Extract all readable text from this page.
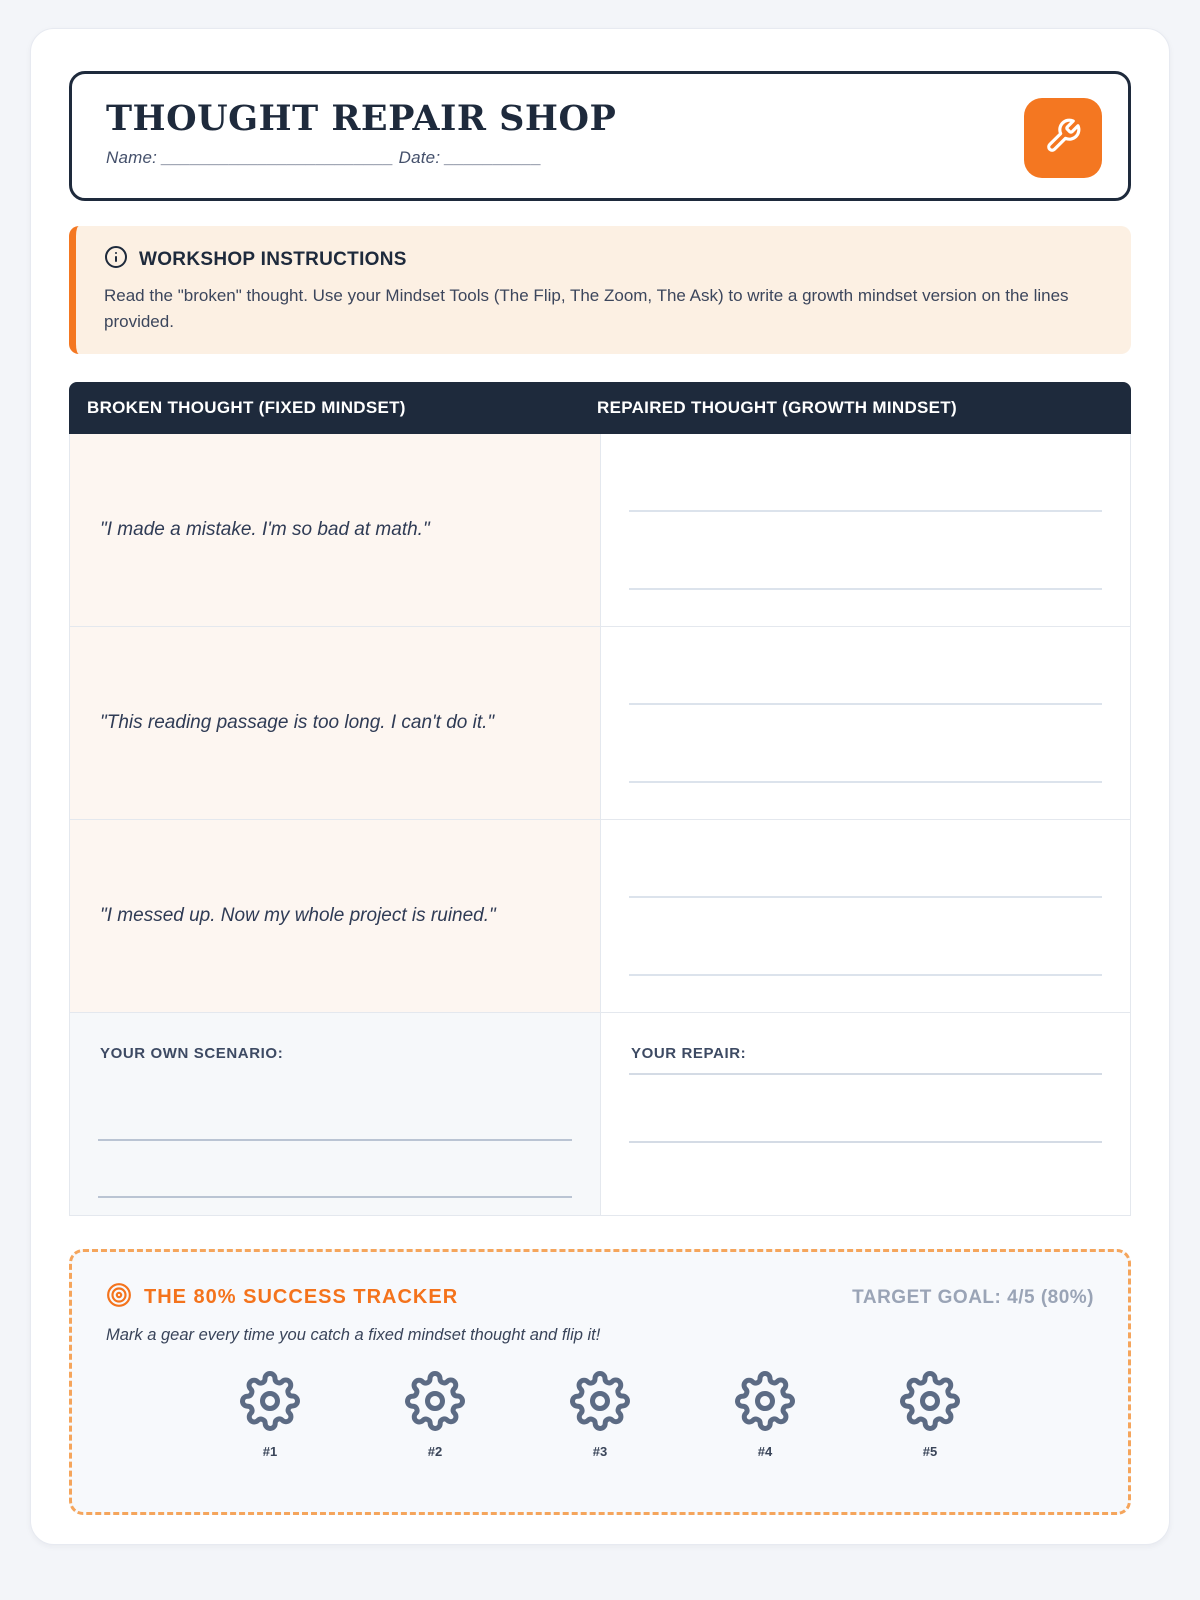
THOUGHT REPAIR SHOP
Name: ________________________ Date: __________
WORKSHOP INSTRUCTIONS
Read the "broken" thought. Use your Mindset Tools (The Flip, The Zoom, The Ask) to write a growth mindset version on the lines provided.
BROKEN THOUGHT (FIXED MINDSET)	REPAIRED THOUGHT (GROWTH MINDSET)
"I made a mistake. I'm so bad at math."
"This reading passage is too long. I can't do it."
"I messed up. Now my whole project is ruined."
YOUR OWN SCENARIO:	YOUR REPAIR:
THE 80% SUCCESS TRACKER	TARGET GOAL: 4/5 (80%)
Mark a gear every time you catch a fixed mindset thought and flip it!
#1	#2	#3	#4	#5
